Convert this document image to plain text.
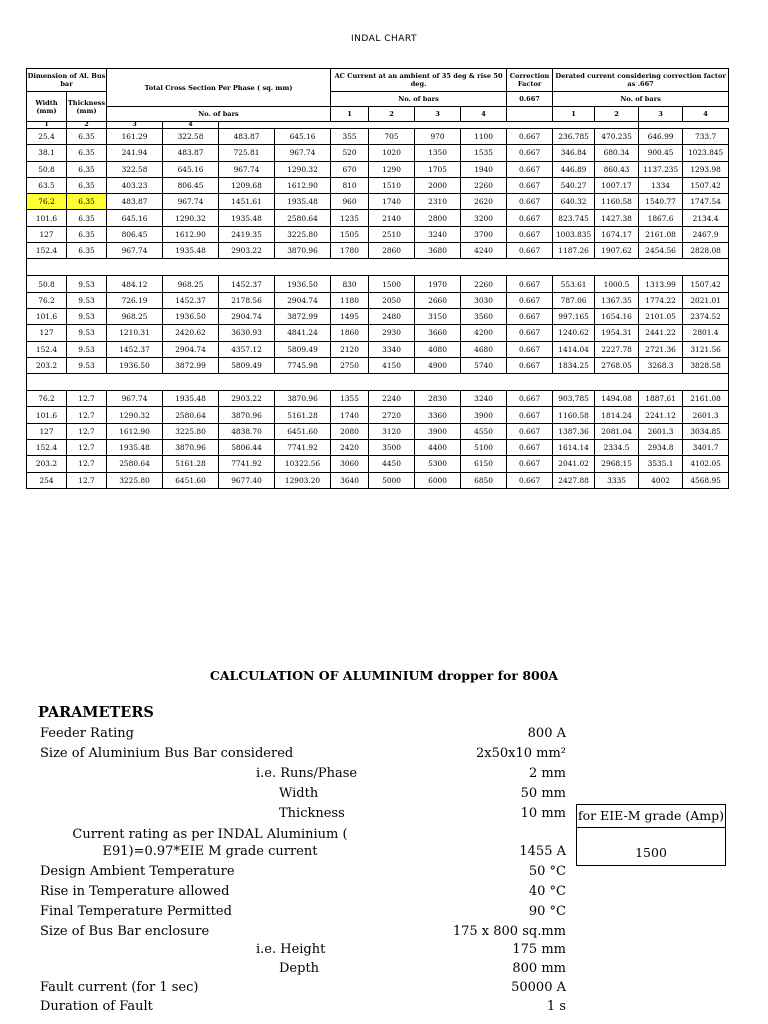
INDAL CHART
Dimension of Al. Bus bar		Total Cross Section Per Phase ( sq. mm)				AC Current at an ambient of 35 deg & rise 50 deg.				Correction Factor	Derated current considering correction factor as .667			
Width (mm)	Thickness (mm)					No. of bars				0.667	No. of bars			
		No. of bars				1	2	3	4		1	2	3	4
1	2	3	4											
25.4	6.35	161.29	322.58	483.87	645.16	355	705	970	1100	0.667	236.785	470.235	646.99	733.7
38.1	6.35	241.94	483.87	725.81	967.74	520	1020	1350	1535	0.667	346.84	680.34	900.45	1023.845
50.8	6.35	322.58	645.16	967.74	1290.32	670	1290	1705	1940	0.667	446.89	860.43	1137.235	1293.98
63.5	6.35	403.23	806.45	1209.68	1612.90	810	1510	2000	2260	0.667	540.27	1007.17	1334	1507.42
76.2	6.35	483.87	967.74	1451.61	1935.48	960	1740	2310	2620	0.667	640.32	1160.58	1540.77	1747.54
101.6	6.35	645.16	1290.32	1935.48	2580.64	1235	2140	2800	3200	0.667	823.745	1427.38	1867.6	2134.4
127	6.35	806.45	1612.90	2419.35	3225.80	1505	2510	3240	3700	0.667	1003.835	1674.17	2161.08	2467.9
152.4	6.35	967.74	1935.48	2903.22	3870.96	1780	2860	3680	4240	0.667	1187.26	1907.62	2454.56	2828.08

50.8	9.53	484.12	968.25	1452.37	1936.50	830	1500	1970	2260	0.667	553.61	1000.5	1313.99	1507.42
76.2	9.53	726.19	1452.37	2178.56	2904.74	1180	2050	2660	3030	0.667	787.06	1367.35	1774.22	2021.01
101.6	9.53	968.25	1936.50	2904.74	3872.99	1495	2480	3150	3560	0.667	997.165	1654.16	2101.05	2374.52
127	9.53	1210.31	2420.62	3630.93	4841.24	1860	2930	3660	4200	0.667	1240.62	1954.31	2441.22	2801.4
152.4	9.53	1452.37	2904.74	4357.12	5809.49	2120	3340	4080	4680	0.667	1414.04	2227.78	2721.36	3121.56
203.2	9.53	1936.50	3872.99	5809.49	7745.98	2750	4150	4900	5740	0.667	1834.25	2768.05	3268.3	3828.58

76.2	12.7	967.74	1935.48	2903.22	3870.96	1355	2240	2830	3240	0.667	903.785	1494.08	1887.61	2161.08
101.6	12.7	1290.32	2580.64	3870.96	5161.28	1740	2720	3360	3900	0.667	1160.58	1814.24	2241.12	2601.3
127	12.7	1612.90	3225.80	4838.70	6451.60	2080	3120	3900	4550	0.667	1387.36	2081.04	2601.3	3034.85
152.4	12.7	1935.48	3870.96	5806.44	7741.92	2420	3500	4400	5100	0.667	1614.14	2334.5	2934.8	3401.7
203.2	12.7	2580.64	5161.28	7741.92	10322.56	3060	4450	5300	6150	0.667	2041.02	2968.15	3535.1	4102.05
254	12.7	3225.80	6451.60	9677.40	12903.20	3640	5000	6000	6850	0.667	2427.88	3335	4002	4568.95
CALCULATION OF ALUMINIUM dropper for 800A
PARAMETERS
Feeder Rating	800 A
Size of Aluminium Bus Bar considered	2x50x10 mm²
i.e. Runs/Phase	2 mm
Width	50 mm
Thickness	10 mm
Current rating as per INDAL Aluminium ( E91)=0.97*EIE M grade current	1455 A
for EIE-M grade (Amp)
1500
Design Ambient Temperature	50 °C
Rise in Temperature allowed	40 °C
Final Temperature Permitted	90 °C
Size of Bus Bar enclosure	175 x 800 sq.mm
i.e. Height	175 mm
Depth	800 mm
Fault current (for 1 sec)	50000 A
Duration of Fault	1 s
